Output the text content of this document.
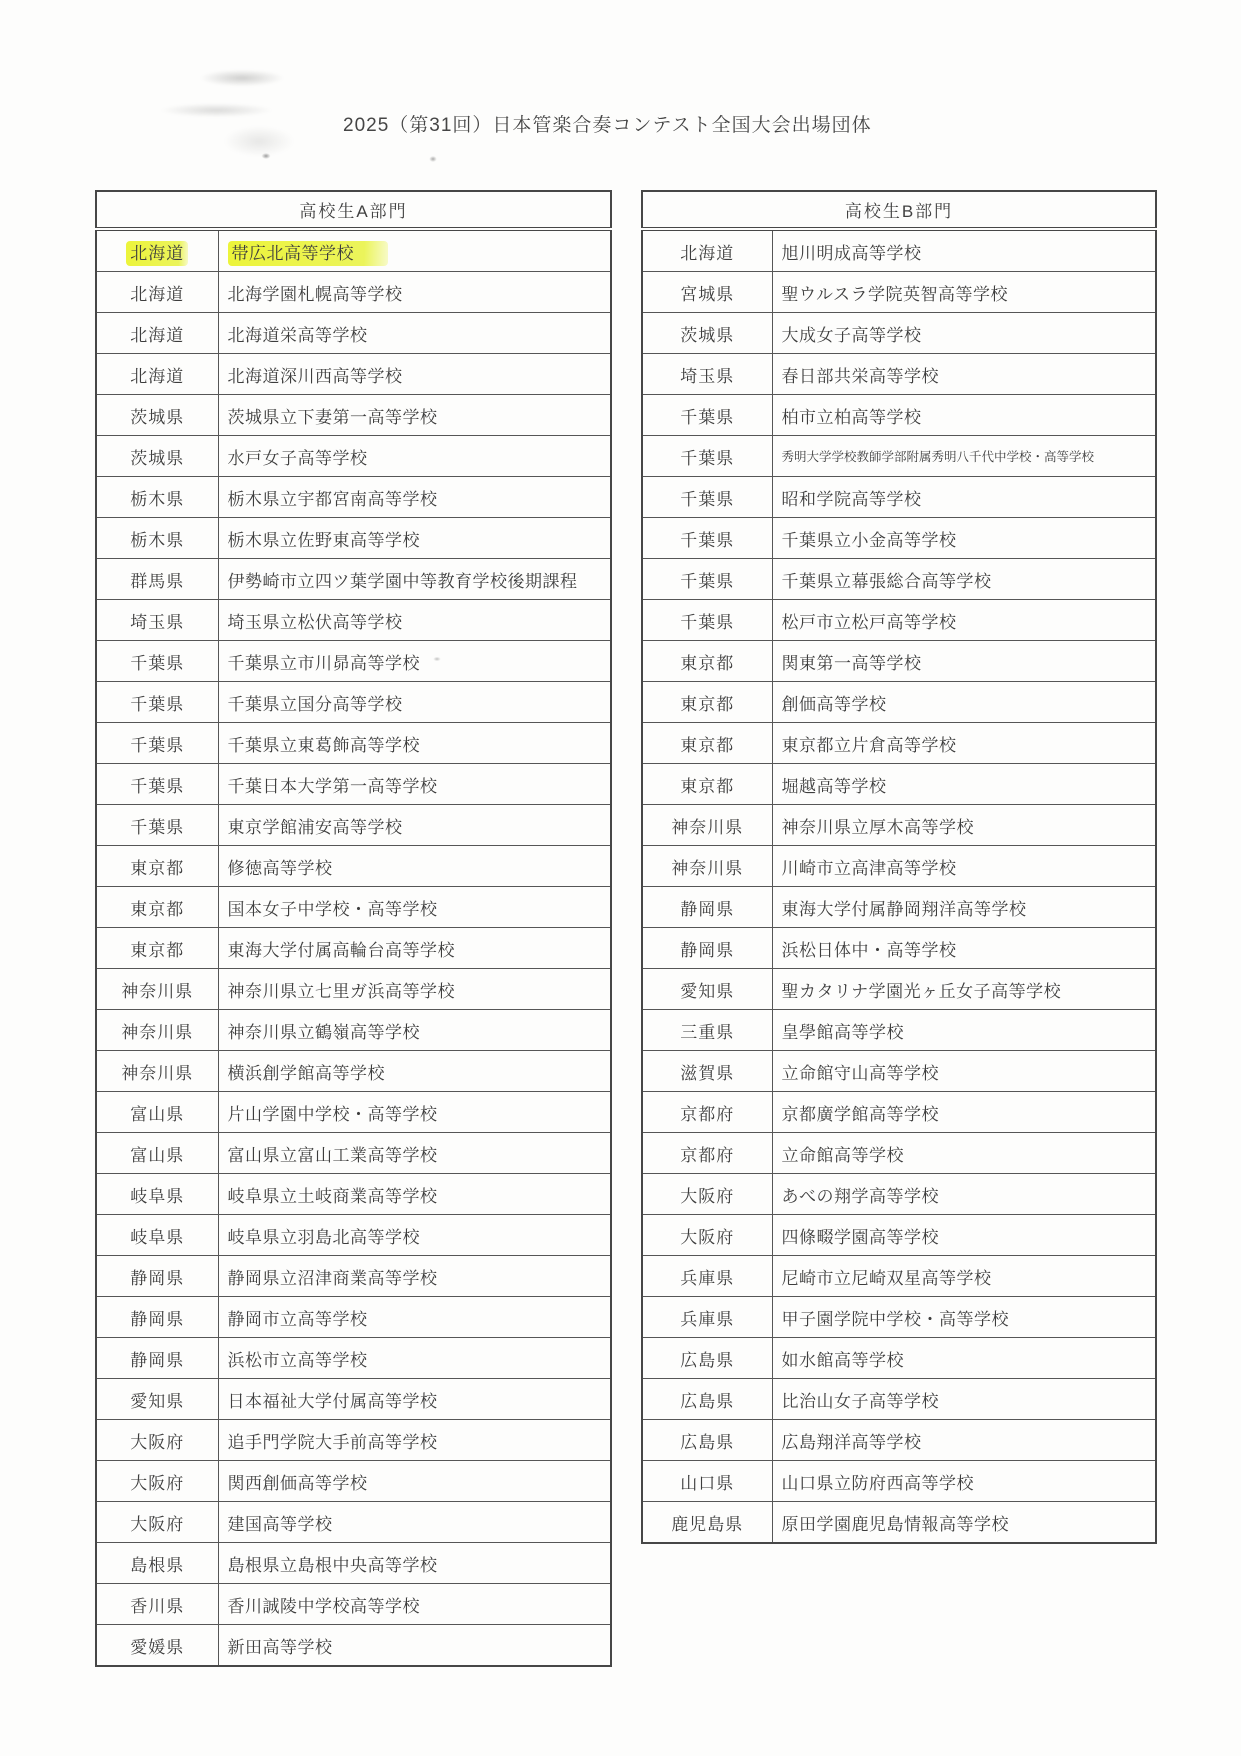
2025（第31回）日本管楽合奏コンテスト全国大会出場団体
高校生A部門	
北海道	帯広北高等学校
北海道	北海学園札幌高等学校
北海道	北海道栄高等学校
北海道	北海道深川西高等学校
茨城県	茨城県立下妻第一高等学校
茨城県	水戸女子高等学校
栃木県	栃木県立宇都宮南高等学校
栃木県	栃木県立佐野東高等学校
群馬県	伊勢崎市立四ツ葉学園中等教育学校後期課程
埼玉県	埼玉県立松伏高等学校
千葉県	千葉県立市川昴高等学校
千葉県	千葉県立国分高等学校
千葉県	千葉県立東葛飾高等学校
千葉県	千葉日本大学第一高等学校
千葉県	東京学館浦安高等学校
東京都	修徳高等学校
東京都	国本女子中学校・高等学校
東京都	東海大学付属高輪台高等学校
神奈川県	神奈川県立七里ガ浜高等学校
神奈川県	神奈川県立鶴嶺高等学校
神奈川県	横浜創学館高等学校
富山県	片山学園中学校・高等学校
富山県	富山県立富山工業高等学校
岐阜県	岐阜県立土岐商業高等学校
岐阜県	岐阜県立羽島北高等学校
静岡県	静岡県立沼津商業高等学校
静岡県	静岡市立高等学校
静岡県	浜松市立高等学校
愛知県	日本福祉大学付属高等学校
大阪府	追手門学院大手前高等学校
大阪府	関西創価高等学校
大阪府	建国高等学校
島根県	島根県立島根中央高等学校
香川県	香川誠陵中学校高等学校
愛媛県	新田高等学校
高校生B部門	
北海道	旭川明成高等学校
宮城県	聖ウルスラ学院英智高等学校
茨城県	大成女子高等学校
埼玉県	春日部共栄高等学校
千葉県	柏市立柏高等学校
千葉県	秀明大学学校教師学部附属秀明八千代中学校・高等学校
千葉県	昭和学院高等学校
千葉県	千葉県立小金高等学校
千葉県	千葉県立幕張総合高等学校
千葉県	松戸市立松戸高等学校
東京都	関東第一高等学校
東京都	創価高等学校
東京都	東京都立片倉高等学校
東京都	堀越高等学校
神奈川県	神奈川県立厚木高等学校
神奈川県	川崎市立高津高等学校
静岡県	東海大学付属静岡翔洋高等学校
静岡県	浜松日体中・高等学校
愛知県	聖カタリナ学園光ヶ丘女子高等学校
三重県	皇學館高等学校
滋賀県	立命館守山高等学校
京都府	京都廣学館高等学校
京都府	立命館高等学校
大阪府	あべの翔学高等学校
大阪府	四條畷学園高等学校
兵庫県	尼崎市立尼崎双星高等学校
兵庫県	甲子園学院中学校・高等学校
広島県	如水館高等学校
広島県	比治山女子高等学校
広島県	広島翔洋高等学校
山口県	山口県立防府西高等学校
鹿児島県	原田学園鹿児島情報高等学校
